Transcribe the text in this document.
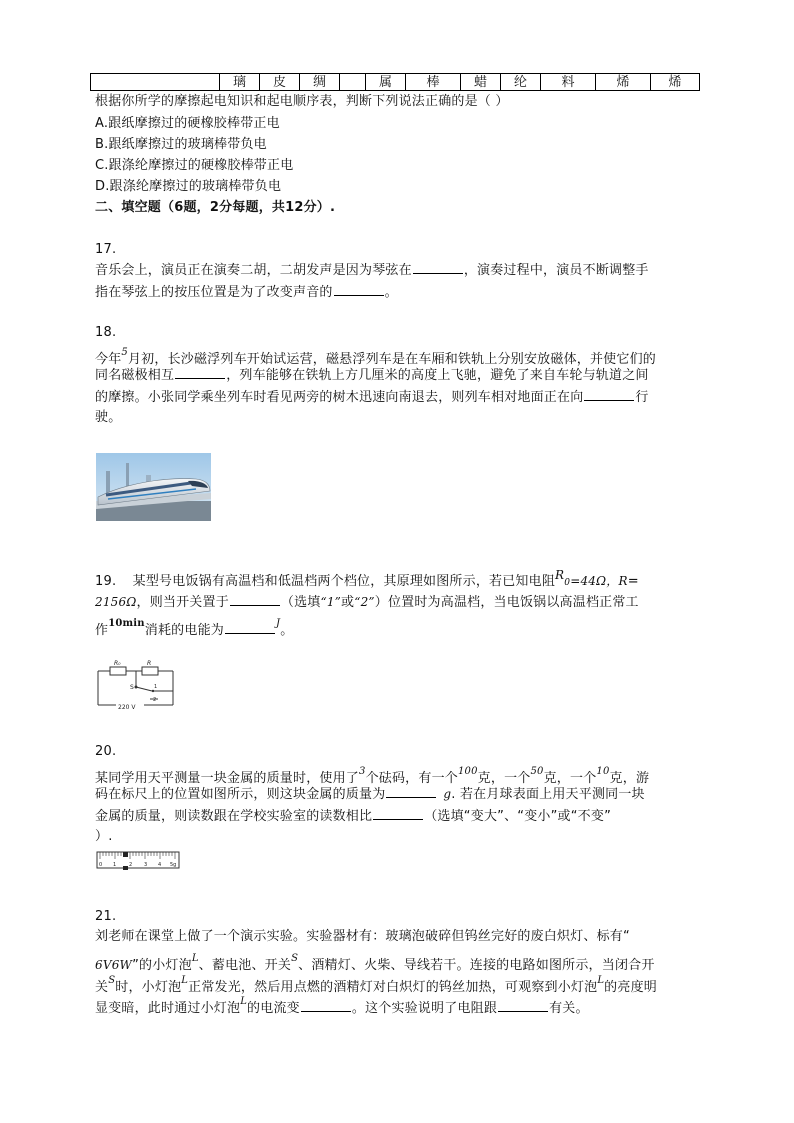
	璃	皮	绸		属	棒	蜡	纶	料	烯	烯
根据你所学的摩擦起电知识和起电顺序表，判断下列说法正确的是（ ）
A.跟纸摩擦过的硬橡胶棒带正电
B.跟纸摩擦过的玻璃棒带负电
C.跟涤纶摩擦过的硬橡胶棒带正电
D.跟涤纶摩擦过的玻璃棒带负电
二、填空题（6题，2分每题，共12分）.
17.
音乐会上，演员正在演奏二胡，二胡发声是因为琴弦在	，演奏过程中，演员不断调整手
指在琴弦上的按压位置是为了改变声音的	。
18.
今年$^5$月初，长沙磁浮列车开始试运营，磁悬浮列车是在车厢和铁轨上分别安放磁体，并使它们的
同名磁极相互	，列车能够在铁轨上方几厘米的高度上飞驰，避免了来自车轮与轨道之间
的摩擦。小张同学乘坐列车时看见两旁的树木迅速向南退去，则列车相对地面正在向	行
驶。
19. 某型号电饭锅有高温档和低温档两个档位，其原理如图所示，若已知电阻R0=44Ω，R=
2156Ω，则当开关置于	（选填“1”或“2”）位置时为高温档，当电饭锅以高温档正常工
作$^{10min}$消耗的电能为	$^J$。
R₀	R
S	1
2
220 V
20.
某同学用天平测量一块金属的质量时，使用了$^3$个砝码，有一个$^{100}$克，一个$^{50}$克，一个$^{10}$克，游
码在标尺上的位置如图所示，则这块金属的质量为	g. 若在月球表面上用天平测同一块
金属的质量，则读数跟在学校实验室的读数相比	（选填“变大”、“变小”或“不变”
）.
0 1	2 3 4 5g
21.
刘老师在课堂上做了一个演示实验。实验器材有：玻璃泡破碎但钨丝完好的废白炽灯、标有“
6V6W”的小灯泡$^L$、蓄电池、开关$^S$、酒精灯、火柴、导线若干。连接的电路如图所示，当闭合开
关$^S$时，小灯泡$^L$正常发光，然后用点燃的酒精灯对白炽灯的钨丝加热，可观察到小灯泡$^L$的亮度明
显变暗，此时通过小灯泡$^L$的电流变	。这个实验说明了电阻跟	有关。
